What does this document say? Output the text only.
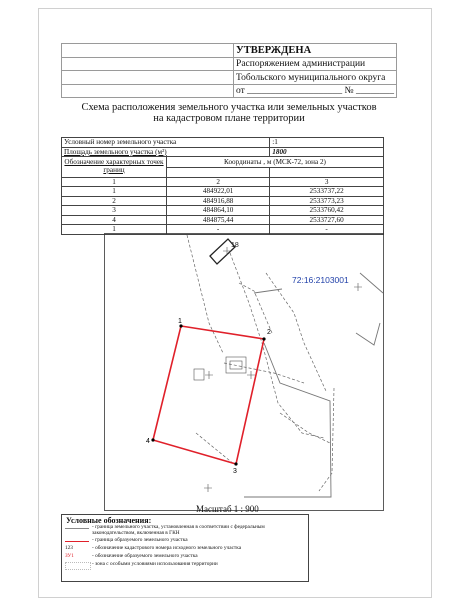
	УТВЕРЖДЕНА
	Распоряжением администрации
	Тобольского муниципального округа
	от ____________________ № ________
Схема расположения земельного участка или земельных участков
на кадастровом плане территории
Условный номер земельного участка		:1
Площадь земельного участка (м²)		1800
Обозначение характерных точек границ	Координаты , м (МСК-72, зона 2)	

1	2	3
1	484922,01	2533737,22
2	484916,88	2533773,23
3	484864,10	2533760,42
4	484875,44	2533727,60
1	-	-
18
72:16:2103001
1
2
3
4
Масштаб 1 : 900
Условные обозначения:
- граница земельного участка, установленная в соответствии с федеральным законодательством, включенная в ГКН
- граница образуемого земельного участка
123	- обозначение кадастрового номера исходного земельного участка
ЗУ1	- обозначение образуемого земельного участка
- зона с особыми условиями использования территории
